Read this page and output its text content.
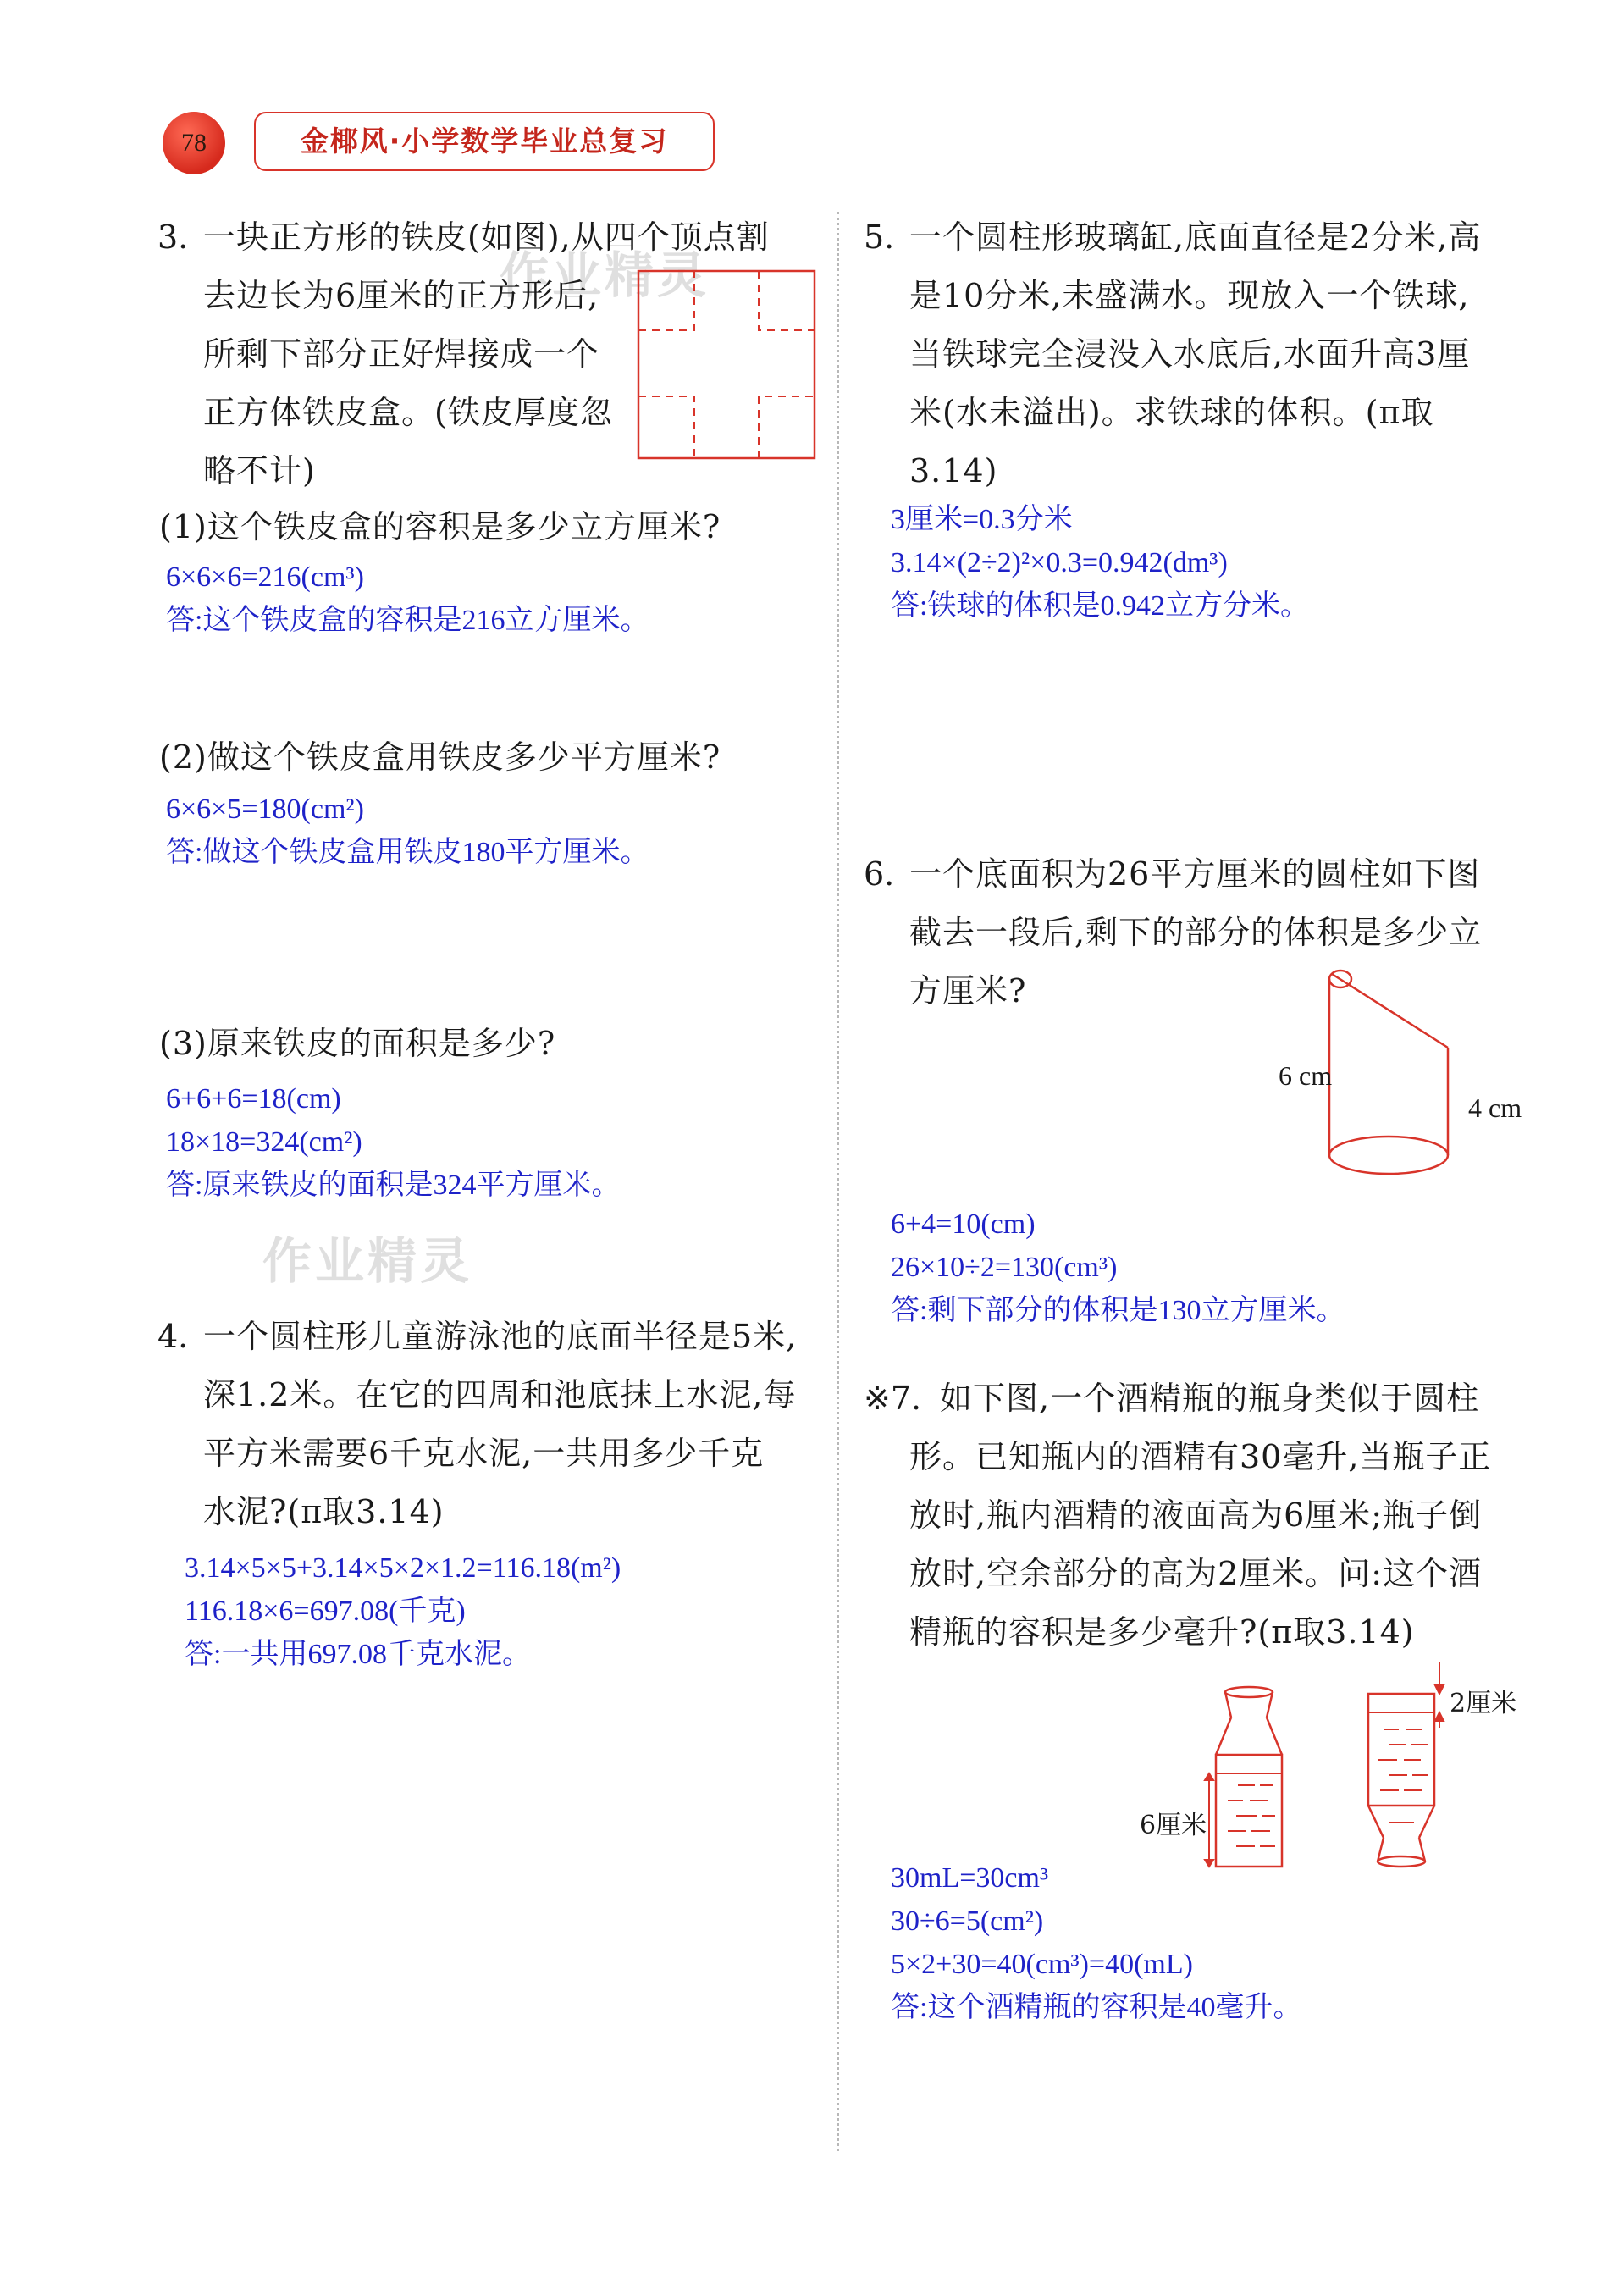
78	金椰风·小学数学毕业总复习
作业精灵
作业精灵
3. 一块正方形的铁皮(如图),从四个顶点割
去边长为6厘米的正方形后,
所剩下部分正好焊接成一个
正方体铁皮盒。(铁皮厚度忽
略不计)
(1)这个铁皮盒的容积是多少立方厘米?
6×6×6=216(cm³)
答:这个铁皮盒的容积是216立方厘米。
(2)做这个铁皮盒用铁皮多少平方厘米?
6×6×5=180(cm²)
答:做这个铁皮盒用铁皮180平方厘米。
(3)原来铁皮的面积是多少?
6+6+6=18(cm)
18×18=324(cm²)
答:原来铁皮的面积是324平方厘米。
4. 一个圆柱形儿童游泳池的底面半径是5米,
深1.2米。在它的四周和池底抹上水泥,每
平方米需要6千克水泥,一共用多少千克
水泥?(π取3.14)
3.14×5×5+3.14×5×2×1.2=116.18(m²)
116.18×6=697.08(千克)
答:一共用697.08千克水泥。
5. 一个圆柱形玻璃缸,底面直径是2分米,高
是10分米,未盛满水。现放入一个铁球,
当铁球完全浸没入水底后,水面升高3厘
米(水未溢出)。求铁球的体积。(π取
3.14)
3厘米=0.3分米
3.14×(2÷2)²×0.3=0.942(dm³)
答:铁球的体积是0.942立方分米。
6. 一个底面积为26平方厘米的圆柱如下图
截去一段后,剩下的部分的体积是多少立
方厘米?
6 cm
4 cm
6+4=10(cm)
26×10÷2=130(cm³)
答:剩下部分的体积是130立方厘米。
※7. 如下图,一个酒精瓶的瓶身类似于圆柱
形。已知瓶内的酒精有30毫升,当瓶子正
放时,瓶内酒精的液面高为6厘米;瓶子倒
放时,空余部分的高为2厘米。问:这个酒
精瓶的容积是多少毫升?(π取3.14)
6厘米
2厘米
30mL=30cm³
30÷6=5(cm²)
5×2+30=40(cm³)=40(mL)
答:这个酒精瓶的容积是40毫升。
